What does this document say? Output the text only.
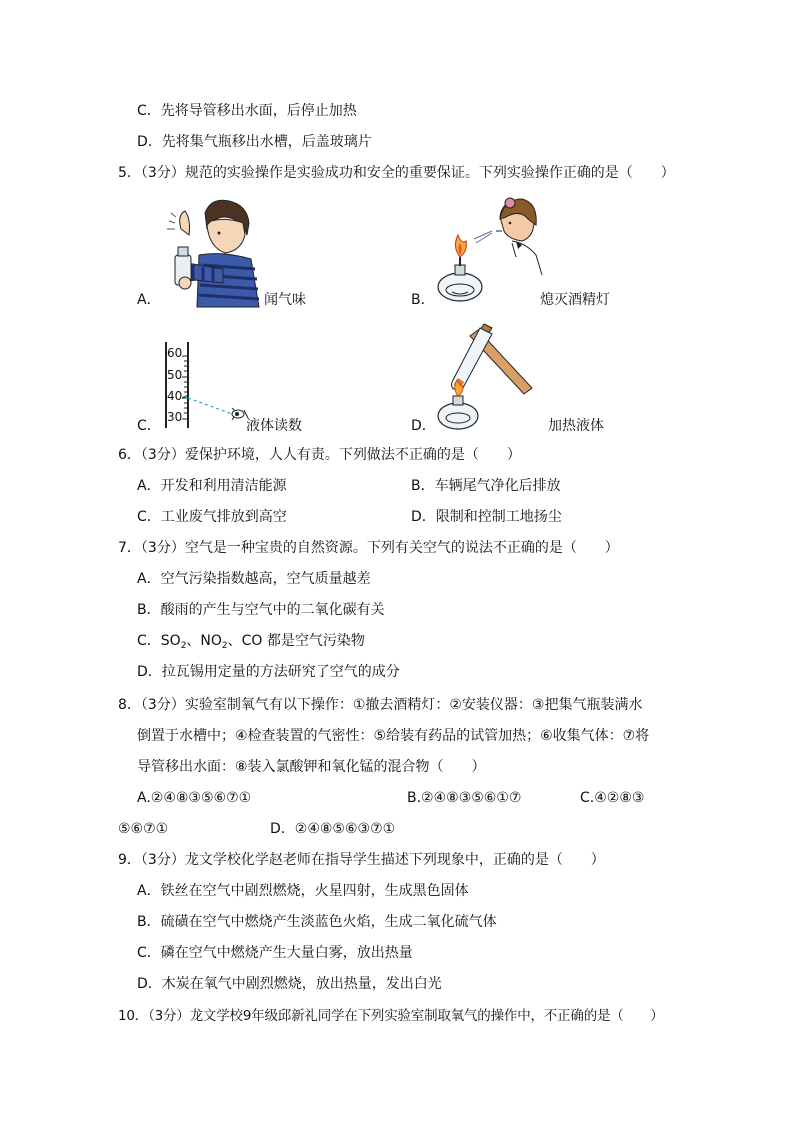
C．先将导管移出水面，后停止加热
D．先将集气瓶移出水槽，后盖玻璃片
5．（3分）规范的实验操作是实验成功和安全的重要保证。下列实验操作正确的是（　　）
A．	闻气味	B．	熄灭酒精灯
C．
60
50
40
30
液体读数	D．	加热液体
6．（3分）爱保护环境，人人有责。下列做法不正确的是（　　）
A．开发和利用清洁能源	B．车辆尾气净化后排放
C．工业废气排放到高空	D．限制和控制工地扬尘
7．（3分）空气是一种宝贵的自然资源。下列有关空气的说法不正确的是（　　）
A．空气污染指数越高，空气质量越差
B．酸雨的产生与空气中的二氧化碳有关
C．$SO_2$、$NO_2$、CO 都是空气污染物
D．拉瓦锡用定量的方法研究了空气的成分
8．（3分）实验室制氧气有以下操作：①撤去酒精灯：②安装仪器：③把集气瓶装满水
倒置于水槽中；④检查装置的气密性：⑤给装有药品的试管加热；⑥收集气体：⑦将
导管移出水面：⑧装入氯酸钾和氧化锰的混合物（　　）
A.②④⑧③⑤⑥⑦①	B.②④⑧③⑤⑥①⑦	C.④②⑧③
⑤⑥⑦①	D．②④⑧⑤⑥③⑦①
9．（3分）龙文学校化学赵老师在指导学生描述下列现象中，正确的是（　　）
A．铁丝在空气中剧烈燃烧，火星四射，生成黑色固体
B．硫磺在空气中燃烧产生淡蓝色火焰，生成二氧化硫气体
C．磷在空气中燃烧产生大量白雾，放出热量
D．木炭在氧气中剧烈燃烧，放出热量，发出白光
10．（3分）龙文学校9年级邱新礼同学在下列实验室制取氧气的操作中，不正确的是（　　）
